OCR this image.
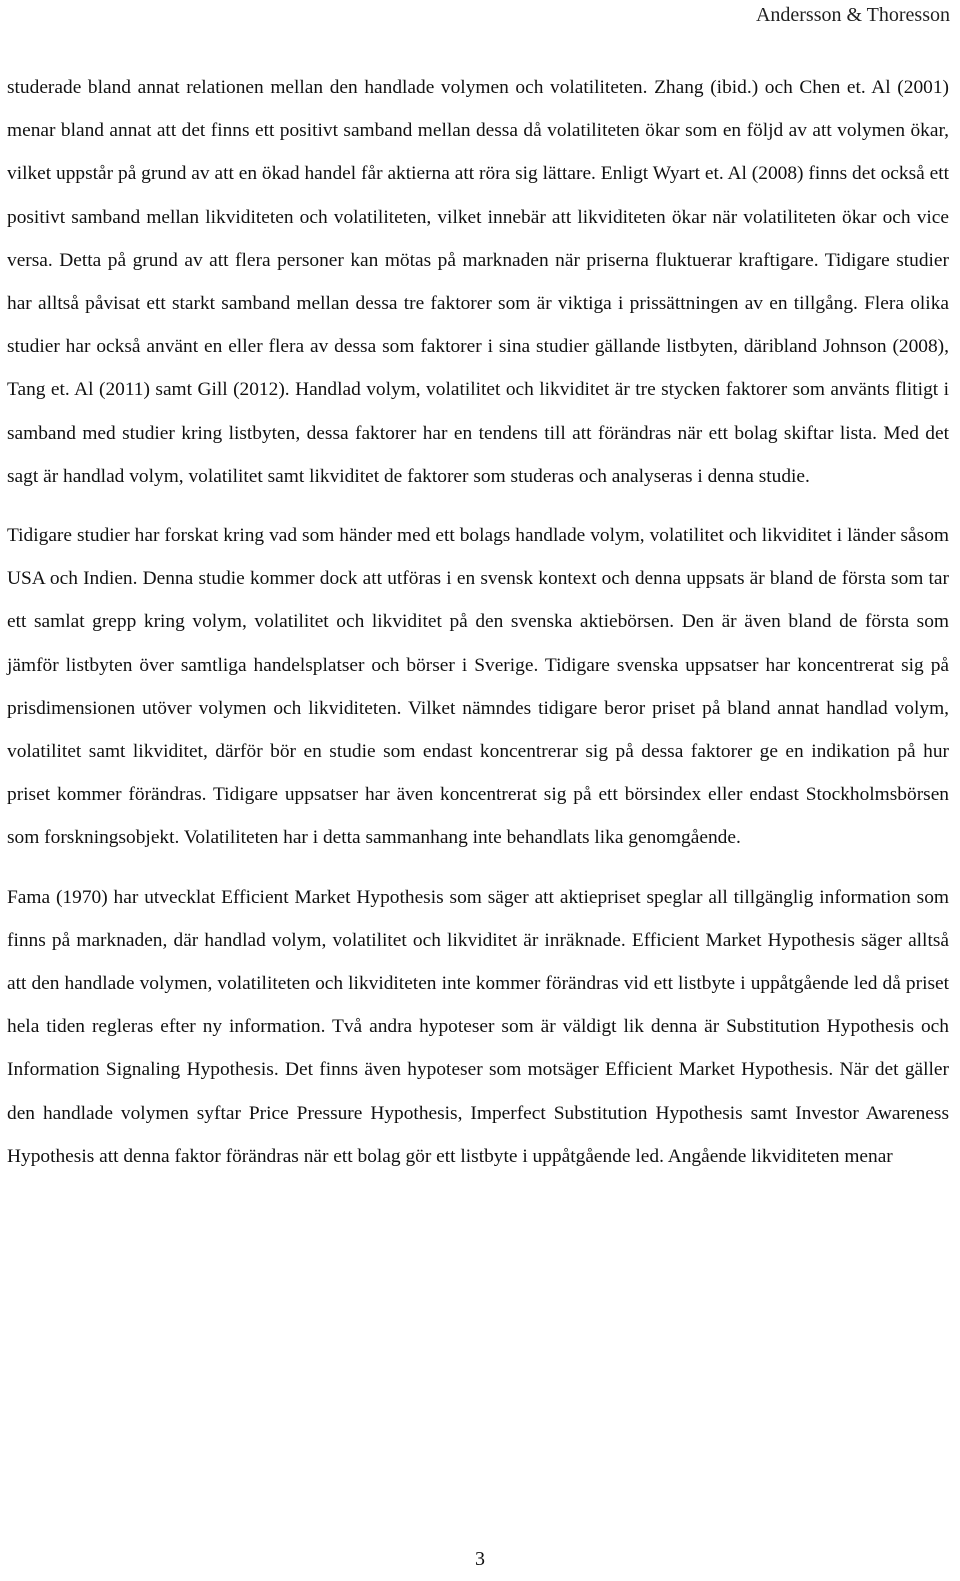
Andersson & Thoresson

studerade bland annat relationen mellan den handlade volymen och volatiliteten. Zhang (ibid.) och Chen et. Al (2001) menar bland annat att det finns ett positivt samband mellan dessa då volatiliteten ökar som en följd av att volymen ökar, vilket uppstår på grund av att en ökad handel får aktierna att röra sig lättare. Enligt Wyart et. Al (2008) finns det också ett positivt samband mellan likviditeten och volatiliteten, vilket innebär att likviditeten ökar när volatiliteten ökar och vice versa. Detta på grund av att flera personer kan mötas på marknaden när priserna fluktuerar kraftigare. Tidigare studier har alltså påvisat ett starkt samband mellan dessa tre faktorer som är viktiga i prissättningen av en tillgång. Flera olika studier har också använt en eller flera av dessa som faktorer i sina studier gällande listbyten, däribland Johnson (2008), Tang et. Al (2011) samt Gill (2012). Handlad volym, volatilitet och likviditet är tre stycken faktorer som använts flitigt i samband med studier kring listbyten, dessa faktorer har en tendens till att förändras när ett bolag skiftar lista. Med det sagt är handlad volym, volatilitet samt likviditet de faktorer som studeras och analyseras i denna studie.

Tidigare studier har forskat kring vad som händer med ett bolags handlade volym, volatilitet och likviditet i länder såsom USA och Indien. Denna studie kommer dock att utföras i en svensk kontext och denna uppsats är bland de första som tar ett samlat grepp kring volym, volatilitet och likviditet på den svenska aktiebörsen. Den är även bland de första som jämför listbyten över samtliga handelsplatser och börser i Sverige. Tidigare svenska uppsatser har koncentrerat sig på prisdimensionen utöver volymen och likviditeten. Vilket nämndes tidigare beror priset på bland annat handlad volym, volatilitet samt likviditet, därför bör en studie som endast koncentrerar sig på dessa faktorer ge en indikation på hur priset kommer förändras. Tidigare uppsatser har även koncentrerat sig på ett börsindex eller endast Stockholmsbörsen som forskningsobjekt. Volatiliteten har i detta sammanhang inte behandlats lika genomgående.

Fama (1970) har utvecklat Efficient Market Hypothesis som säger att aktiepriset speglar all tillgänglig information som finns på marknaden, där handlad volym, volatilitet och likviditet är inräknade. Efficient Market Hypothesis säger alltså att den handlade volymen, volatiliteten och likviditeten inte kommer förändras vid ett listbyte i uppåtgående led då priset hela tiden regleras efter ny information. Två andra hypoteser som är väldigt lik denna är Substitution Hypothesis och Information Signaling Hypothesis. Det finns även hypoteser som motsäger Efficient Market Hypothesis. När det gäller den handlade volymen syftar Price Pressure Hypothesis, Imperfect Substitution Hypothesis samt Investor Awareness Hypothesis att denna faktor förändras när ett bolag gör ett listbyte i uppåtgående led. Angående likviditeten menar

3
